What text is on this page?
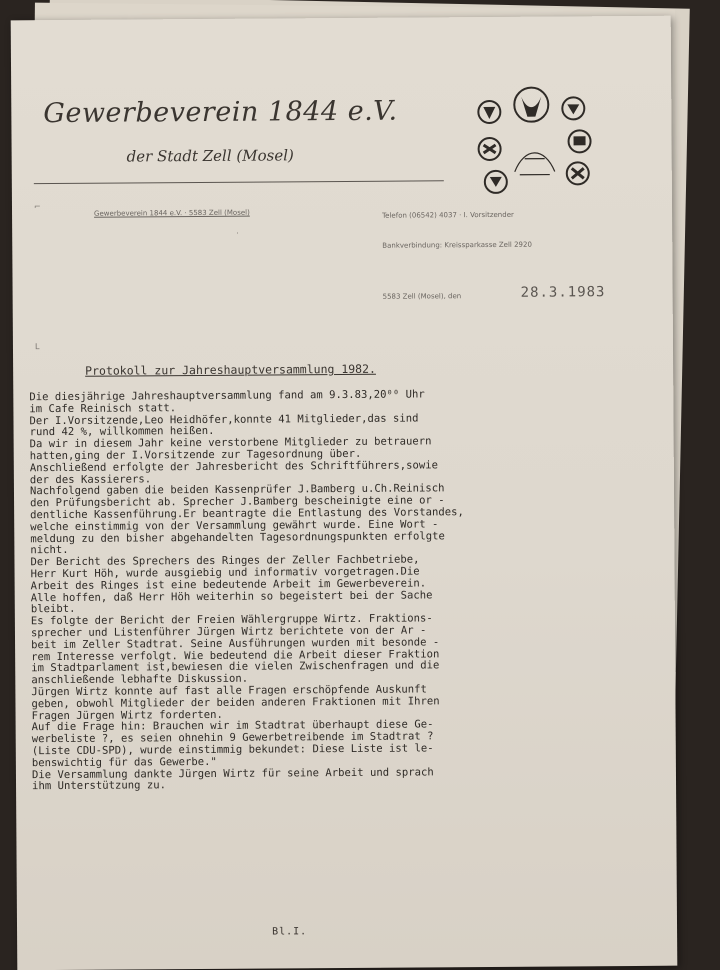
Gewerbeverein 1844 e.V.
der Stadt Zell (Mosel)
Gewerbeverein 1844 e.V. · 5583 Zell (Mosel)	Telefon (06542) 4037 · I. Vorsitzender
Bankverbindung: Kreissparkasse Zell 2920
5583 Zell (Mosel), den	28.3.1983
⌐
·
L
Protokoll zur Jahreshauptversammlung 1982.
Die diesjährige Jahreshauptversammlung fand am 9.3.83,20⁰⁰ Uhr
im Cafe Reinisch statt.
Der I.Vorsitzende,Leo Heidhöfer,konnte 41 Mitglieder,das sind
rund 42 %, willkommen heißen.
Da wir in diesem Jahr keine verstorbene Mitglieder zu betrauern
hatten,ging der I.Vorsitzende zur Tagesordnung über.
Anschließend erfolgte der Jahresbericht des Schriftführers,sowie
der des Kassierers.
Nachfolgend gaben die beiden Kassenprüfer J.Bamberg u.Ch.Reinisch
den Prüfungsbericht ab. Sprecher J.Bamberg bescheinigte eine or -
dentliche Kassenführung.Er beantragte die Entlastung des Vorstandes,
welche einstimmig von der Versammlung gewährt wurde. Eine Wort -
meldung zu den bisher abgehandelten Tagesordnungspunkten erfolgte
nicht.
Der Bericht des Sprechers des Ringes der Zeller Fachbetriebe,
Herr Kurt Höh, wurde ausgiebig und informativ vorgetragen.Die
Arbeit des Ringes ist eine bedeutende Arbeit im Gewerbeverein.
Alle hoffen, daß Herr Höh weiterhin so begeistert bei der Sache
bleibt.
Es folgte der Bericht der Freien Wählergruppe Wirtz. Fraktions-
sprecher und Listenführer Jürgen Wirtz berichtete von der Ar -
beit im Zeller Stadtrat. Seine Ausführungen wurden mit besonde -
rem Interesse verfolgt. Wie bedeutend die Arbeit dieser Fraktion
im Stadtparlament ist,bewiesen die vielen Zwischenfragen und die
anschließende lebhafte Diskussion.
Jürgen Wirtz konnte auf fast alle Fragen erschöpfende Auskunft
geben, obwohl Mitglieder der beiden anderen Fraktionen mit Ihren
Fragen Jürgen Wirtz forderten.
Auf die Frage hin: Brauchen wir im Stadtrat überhaupt diese Ge-
werbeliste ?, es seien ohnehin 9 Gewerbetreibende im Stadtrat ?
(Liste CDU-SPD), wurde einstimmig bekundet: Diese Liste ist le-
benswichtig für das Gewerbe."
Die Versammlung dankte Jürgen Wirtz für seine Arbeit und sprach
ihm Unterstützung zu.
Bl.I.
